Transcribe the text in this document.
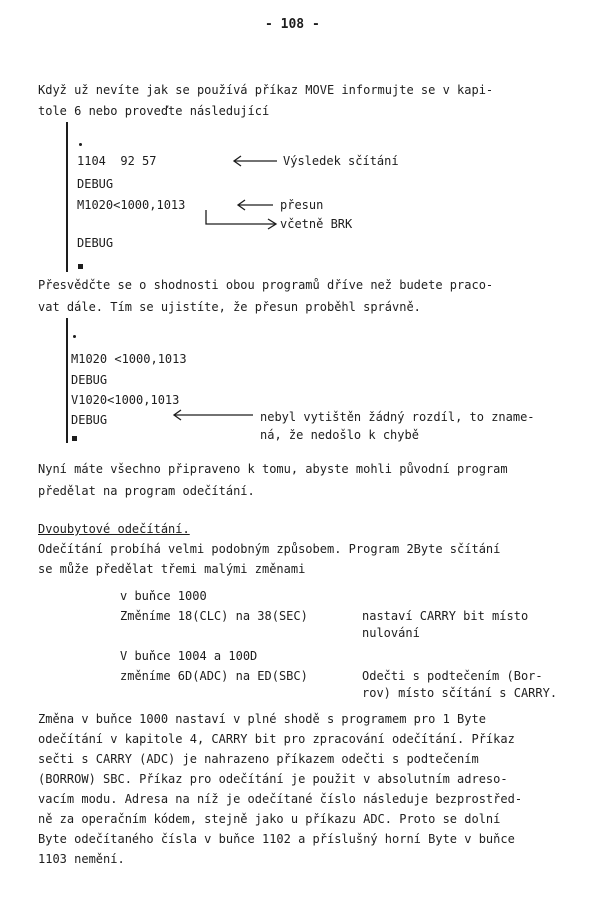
- 108 -
Když už nevíte jak se používá příkaz MOVE informujte se v kapi-
tole 6 nebo proveďte následující
1104  92 57
DEBUG
M1020<1000,1013
DEBUG
Výsledek sčítání
přesun
včetně BRK
Přesvědčte se o shodnosti obou programů dříve než budete praco-
vat dále. Tím se ujistíte, že přesun proběhl správně.
M1020 <1000,1013
DEBUG
V1020<1000,1013
DEBUG	nebyl vytištěn žádný rozdíl, to zname-
ná, že nedošlo k chybě
Nyní máte všechno připraveno k tomu, abyste mohli původní program
předělat na program odečítání.
Dvoubytové odečítání.
Odečítání probíhá velmi podobným způsobem. Program 2Byte sčítání
se může předělat třemi malými změnami
v buňce 1000
Změníme 18(CLC) na 38(SEC)	nastaví CARRY bit místo
nulování
V buňce 1004 a 100D
změníme 6D(ADC) na ED(SBC)	Odečti s podtečením (Bor-
rov) místo sčítání s CARRY.
Změna v buňce 1000 nastaví v plné shodě s programem pro 1 Byte
odečítání v kapitole 4, CARRY bit pro zpracování odečítání. Příkaz
sečti s CARRY (ADC) je nahrazeno příkazem odečti s podtečením
(BORROW) SBC. Příkaz pro odečítání je použit v absolutním adreso-
vacím modu. Adresa na níž je odečítané číslo následuje bezprostřed-
ně za operačním kódem, stejně jako u příkazu ADC. Proto se dolní
Byte odečítaného čísla v buňce 1102 a příslušný horní Byte v buňce
1103 nemění.
